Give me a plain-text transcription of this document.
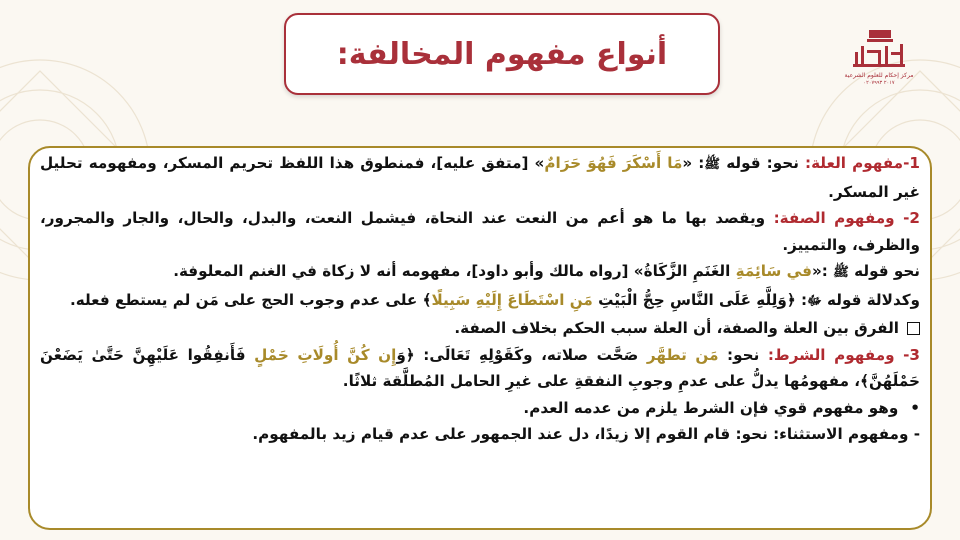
أنواع مفهوم المخالفة:
مركز إحكام للعلوم الشرعية
٢٠١٧ ٠٢٠٧٩٩٣

1-مفهوم العلة: نحو: قوله ﷺ: «مَا أَسْكَرَ فَهُوَ حَرَامٌ» [متفق عليه]، فمنطوق هذا اللفظ تحريم المسكر، ومفهومه تحليل غير المسكر.

2- ومفهوم الصفة: ويقصد بها ما هو أعم من النعت عند النحاة، فيشمل النعت، والبدل، والحال، والجار والمجرور، والظرف، والتمييز.

نحو قوله ﷺ :«في سَائِمَةِ الغَنَمِ الزَّكَاةُ» [رواه مالك وأبو داود]، مفهومه أنه لا زكاة في الغنم المعلوفة.

وكدلالة قوله ﷻ: ﴿وَلِلَّهِ عَلَى النَّاسِ حِجُّ الْبَيْتِ مَنِ اسْتَطَاعَ إِلَيْهِ سَبِيلًا﴾ على عدم وجوب الحج على مَن لم يستطع فعله.

الفرق بين العلة والصفة، أن العلة سبب الحكم بخلاف الصفة.

3- ومفهوم الشرط: نحو: مَن تطهَّر صَحَّت صلاته، وكَقَوْلِهِ تَعَالَى: ﴿وَإِن كُنَّ أُولَاتِ حَمْلٍ فَأَنفِقُوا عَلَيْهِنَّ حَتَّىٰ يَضَعْنَ حَمْلَهُنَّ﴾، مفهومُها يدلُّ على عدمِ وجوبِ النفقةِ على غيرِ الحامل المُطلَّقة ثلاثًا.

•وهو مفهوم قوي فإن الشرط يلزم من عدمه العدم.

- ومفهوم الاستثناء: نحو: قام القوم إلا زيدًا، دل عند الجمهور على عدم قيام زيد بالمفهوم.
